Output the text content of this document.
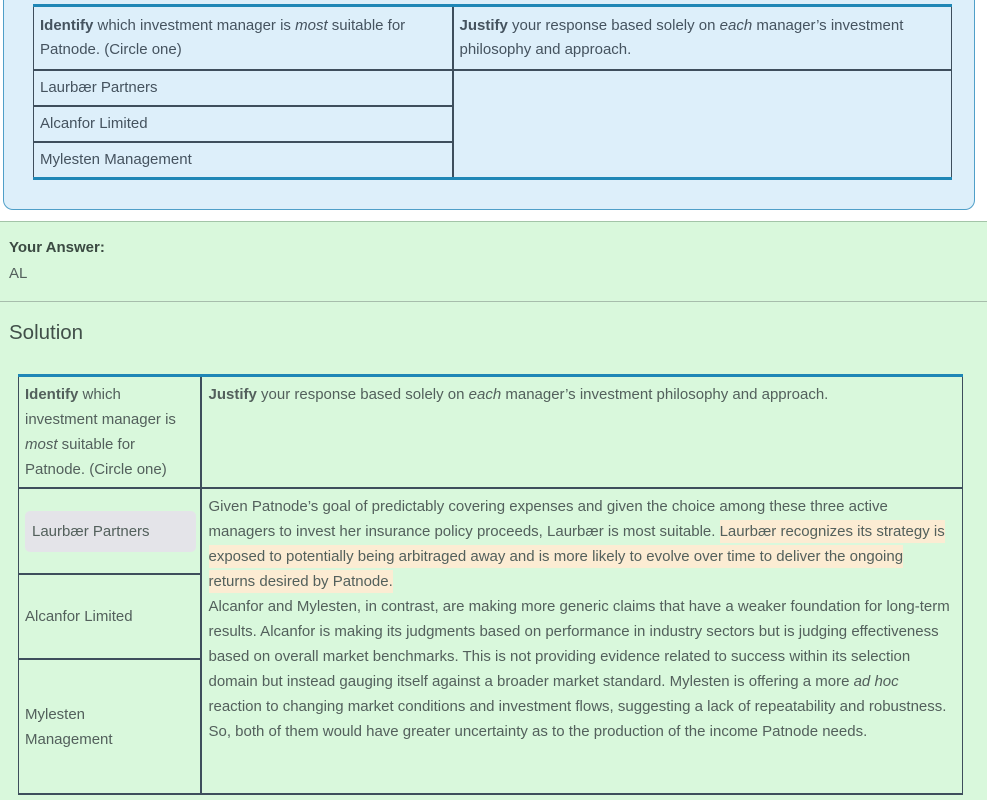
Identify which investment manager is most suitable for Patnode. (Circle one)	Justify your response based solely on each manager’s investment philosophy and approach.
Laurbær Partners	
Alcanfor Limited	
Mylesten Management	
Your Answer:
AL
Solution
Identify which investment manager is most suitable for Patnode. (Circle one)	Justify your response based solely on each manager’s investment philosophy and approach.

Laurbær Partners	Given Patnode’s goal of predictably covering expenses and given the choice among these three active managers to invest her insurance policy proceeds, Laurbær is most suitable. Laurbær recognizes its strategy is exposed to potentially being arbitraged away and is more likely to evolve over time to deliver the ongoing returns desired by Patnode.
Alcanfor and Mylesten, in contrast, are making more generic claims that have a weaker foundation for long-term results. Alcanfor is making its judgments based on performance in industry sectors but is judging effectiveness based on overall market benchmarks. This is not providing evidence related to success within its selection domain but instead gauging itself against a broader market standard. Mylesten is offering a more ad hoc reaction to changing market conditions and investment flows, suggesting a lack of repeatability and robustness. So, both of them would have greater uncertainty as to the production of the income Patnode needs.

Alcanfor Limited	
Mylesten Management	
